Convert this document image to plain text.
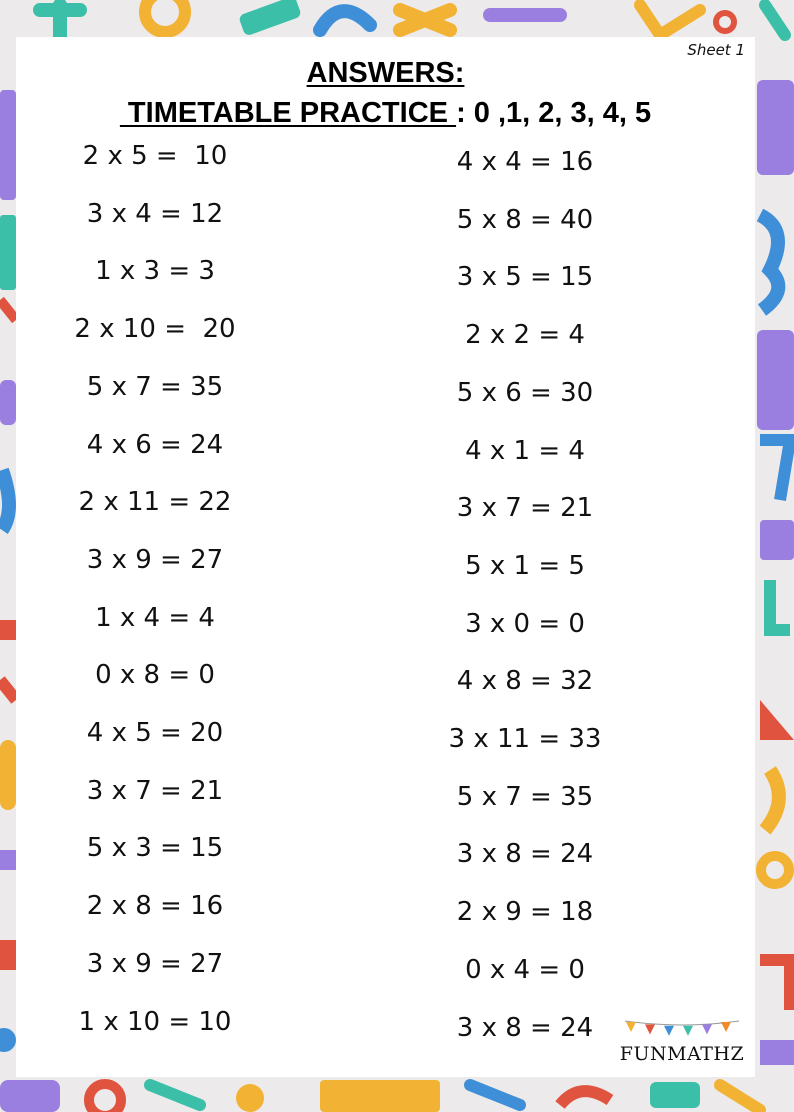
Sheet 1
ANSWERS:
TIMETABLE PRACTICE : 0 ,1, 2, 3, 4, 5
2 x 5 =  10
3 x 4 = 12
1 x 3 = 3
2 x 10 =  20
5 x 7 = 35
4 x 6 = 24
2 x 11 = 22
3 x 9 = 27
1 x 4 = 4
0 x 8 = 0
4 x 5 = 20
3 x 7 = 21
5 x 3 = 15
2 x 8 = 16
3 x 9 = 27
1 x 10 = 10
4 x 4 = 16
5 x 8 = 40
3 x 5 = 15
2 x 2 = 4
5 x 6 = 30
4 x 1 = 4
3 x 7 = 21
5 x 1 = 5
3 x 0 = 0
4 x 8 = 32
3 x 11 = 33
5 x 7 = 35
3 x 8 = 24
2 x 9 = 18
0 x 4 = 0
3 x 8 = 24
FUNMATHZ
